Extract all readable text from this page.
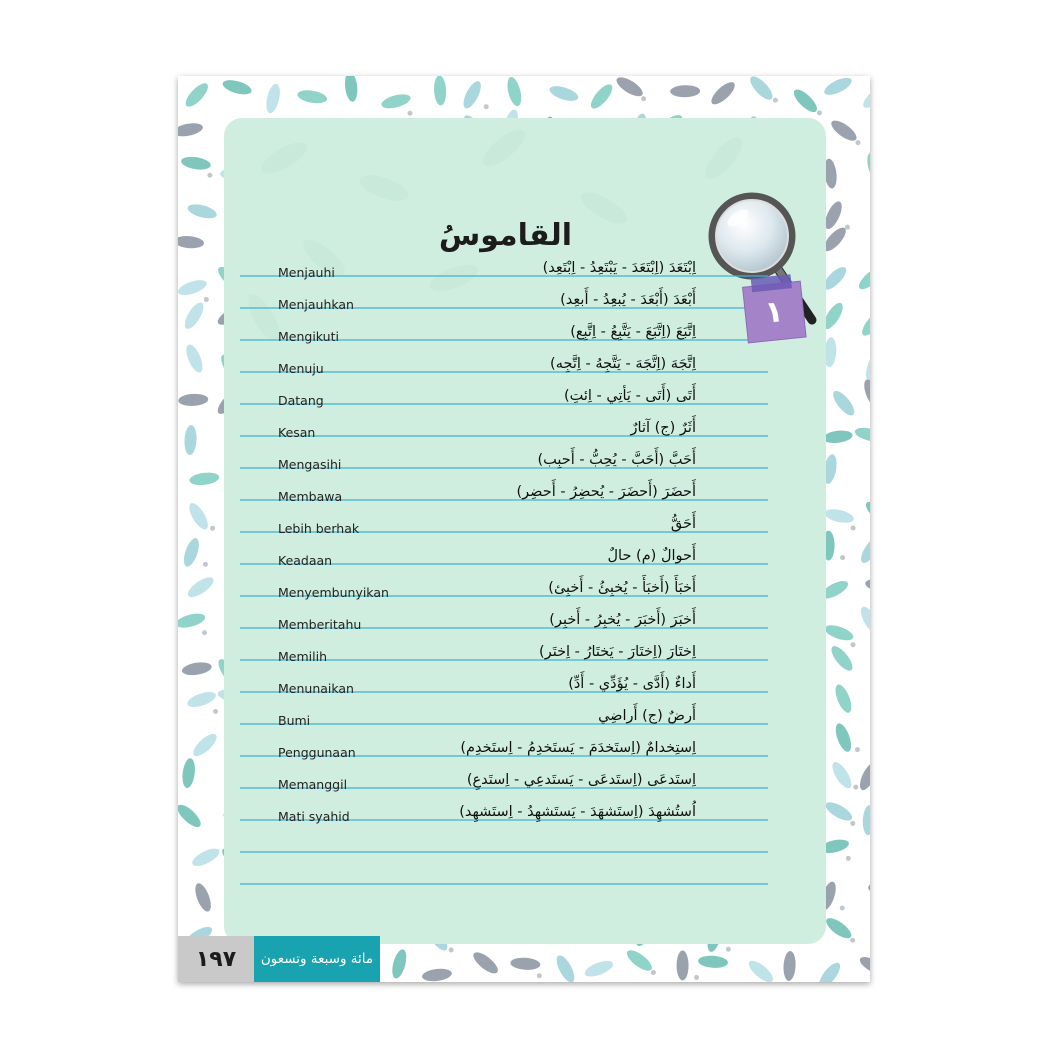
القاموسُ
Menjauhi	اِبْتَعَدَ (اِبْتَعَدَ - يَبْتَعِدُ - اِبْتَعِد)
Menjauhkan	أَبْعَدَ (أَبْعَدَ - يُبعِدُ - أَبعِد)
Mengikuti	اِتَّبَعَ (اِتَّبَعَ - يَتَّبِعُ - اِتَّبِع)
Menuju	اِتَّجَهَ (اِتَّجَهَ - يَتَّجِهُ - اِتَّجِه)
Datang	أَتَى (أَتَى - يَأتِي - اِئتِ)
Kesan	أَثَرٌ (ج) آثارٌ
Mengasihi	أَحَبَّ (أَحَبَّ - يُحِبُّ - أَحبِب)
Membawa	أَحضَرَ (أَحضَرَ - يُحضِرُ - أَحضِر)
Lebih berhak	أَحَقُّ
Keadaan	أَحوالٌ (م) حالٌ
Menyembunyikan	أَخبَأَ (أَخبَأَ - يُخبِئُ - أَخبِئ)
Memberitahu	أَخبَرَ (أَخبَرَ - يُخبِرُ - أَخبِر)
Memilih	اِختَارَ (اِختَارَ - يَختَارُ - اِختَر)
Menunaikan	أَداءٌ (أَدَّى - يُؤَدِّي - أَدِّ)
Bumi	أَرضٌ (ج) أَراضِي
Penggunaan	اِستِخدامٌ (اِستَخدَمَ - يَستَخدِمُ - اِستَخدِم)
Memanggil	اِستَدعَى (اِستَدعَى - يَستَدعِي - اِستَدعِ)
Mati syahid	اُستُشهِدَ (اِستَشهَدَ - يَستَشهِدُ - اِستَشهِد)
١
١٩٧	مائة وسبعة وتسعون
